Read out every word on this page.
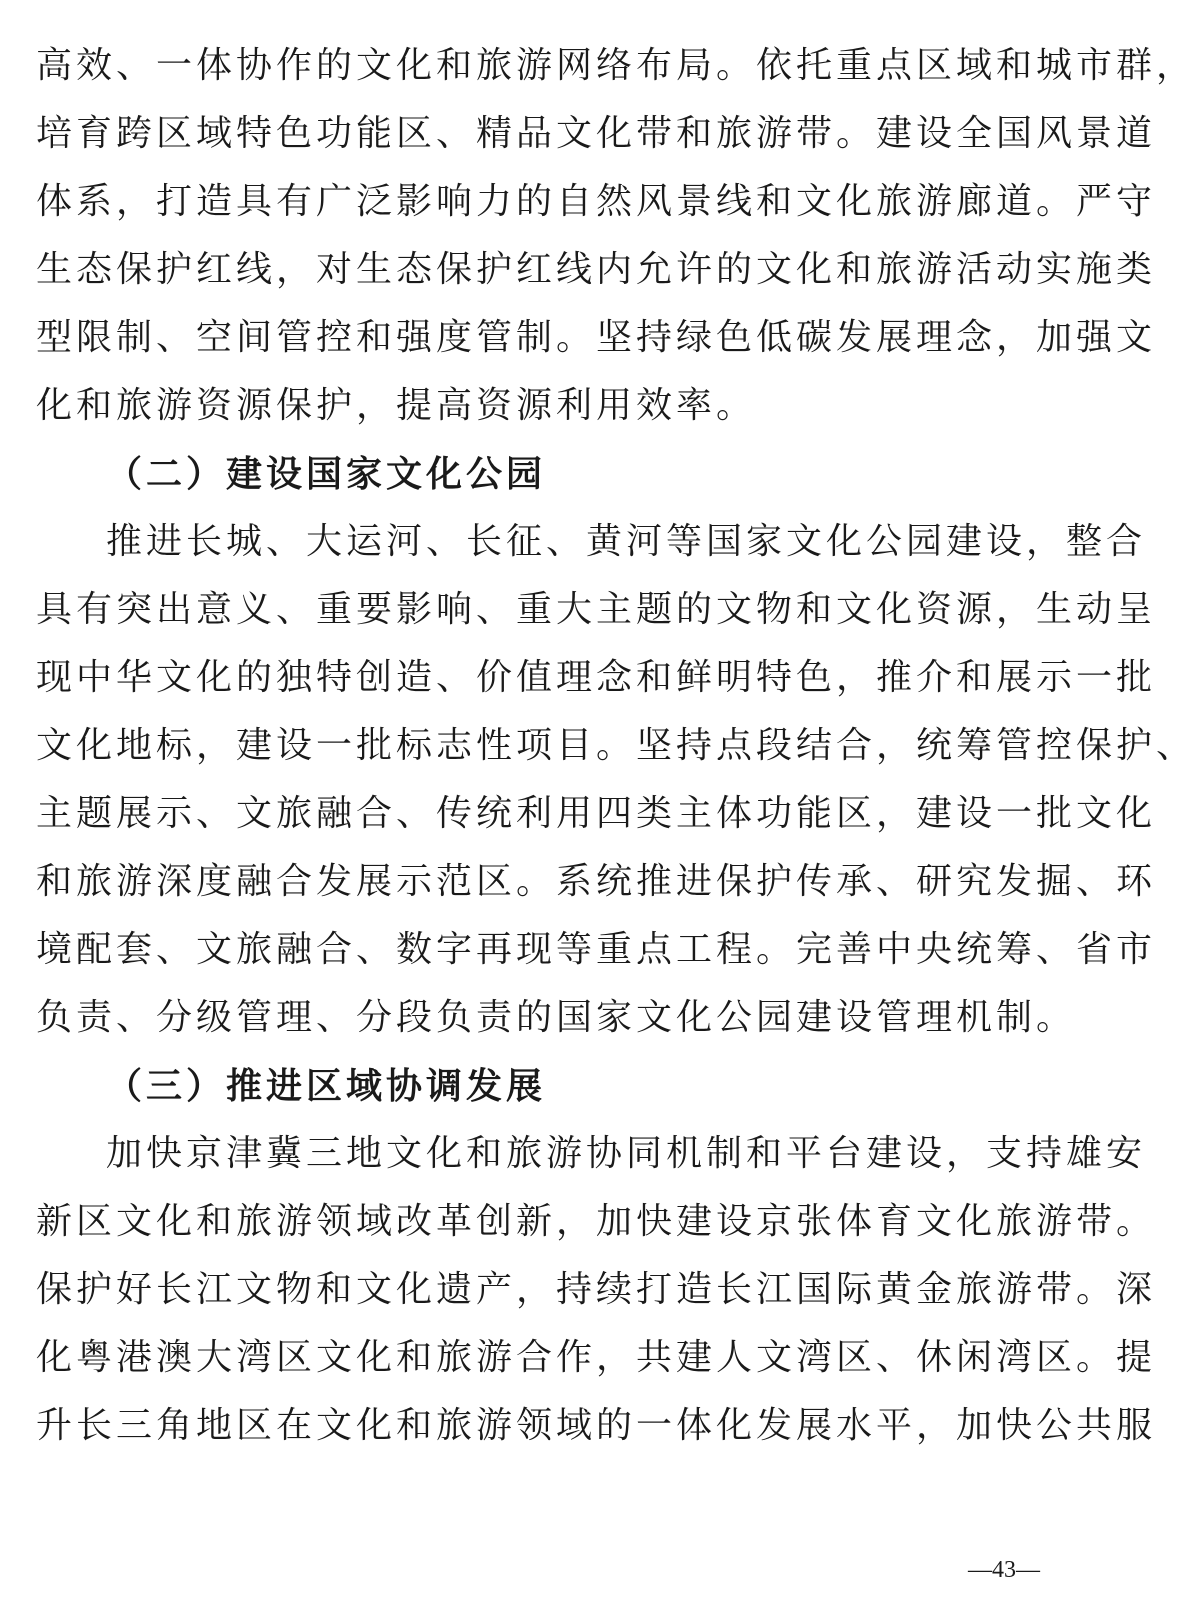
高效、一体协作的文化和旅游网络布局。依托重点区域和城市群，
培育跨区域特色功能区、精品文化带和旅游带。建设全国风景道
体系，打造具有广泛影响力的自然风景线和文化旅游廊道。严守
生态保护红线，对生态保护红线内允许的文化和旅游活动实施类
型限制、空间管控和强度管制。坚持绿色低碳发展理念，加强文
化和旅游资源保护，提高资源利用效率。
（二）建设国家文化公园
推进长城、大运河、长征、黄河等国家文化公园建设，整合
具有突出意义、重要影响、重大主题的文物和文化资源，生动呈
现中华文化的独特创造、价值理念和鲜明特色，推介和展示一批
文化地标，建设一批标志性项目。坚持点段结合，统筹管控保护、
主题展示、文旅融合、传统利用四类主体功能区，建设一批文化
和旅游深度融合发展示范区。系统推进保护传承、研究发掘、环
境配套、文旅融合、数字再现等重点工程。完善中央统筹、省市
负责、分级管理、分段负责的国家文化公园建设管理机制。
（三）推进区域协调发展
加快京津冀三地文化和旅游协同机制和平台建设，支持雄安
新区文化和旅游领域改革创新，加快建设京张体育文化旅游带。
保护好长江文物和文化遗产，持续打造长江国际黄金旅游带。深
化粤港澳大湾区文化和旅游合作，共建人文湾区、休闲湾区。提
升长三角地区在文化和旅游领域的一体化发展水平，加快公共服
—43—
